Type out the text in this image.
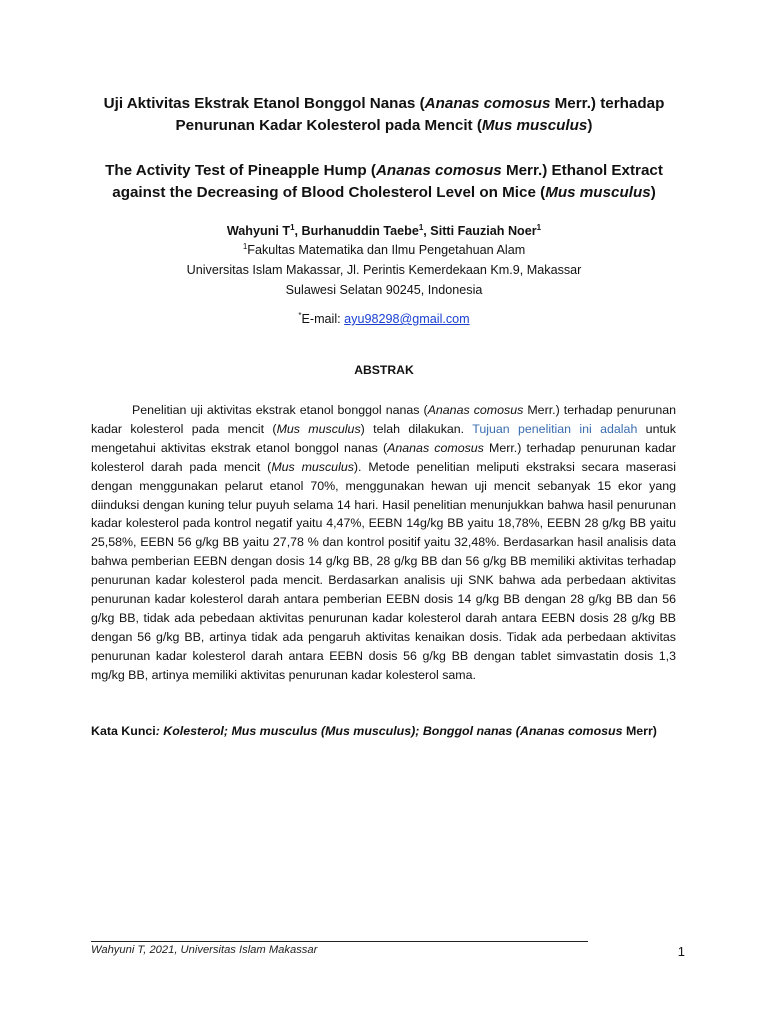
Uji Aktivitas Ekstrak Etanol Bonggol Nanas (Ananas comosus Merr.) terhadap
Penurunan Kadar Kolesterol pada Mencit (Mus musculus)
The Activity Test of Pineapple Hump (Ananas comosus Merr.) Ethanol Extract
against the Decreasing of Blood Cholesterol Level on Mice (Mus musculus)
Wahyuni $T^1$, Burhanuddin Taebe$^1$, Sitti Fauziah Noer$^1$
$^1$Fakultas Matematika dan Ilmu Pengetahuan Alam
Universitas Islam Makassar, Jl. Perintis Kemerdekaan Km.9, Makassar
Sulawesi Selatan 90245, Indonesia
*E-mail: ayu98298@gmail.com
ABSTRAK

Penelitian uji aktivitas ekstrak etanol bonggol nanas (Ananas comosus Merr.) terhadap penurunan kadar kolesterol pada mencit (Mus musculus) telah dilakukan. Tujuan penelitian ini adalah untuk mengetahui aktivitas ekstrak etanol bonggol nanas (Ananas comosus Merr.) terhadap penurunan kadar kolesterol darah pada mencit (Mus musculus). Metode penelitian meliputi ekstraksi secara maserasi dengan menggunakan pelarut etanol 70%, menggunakan hewan uji mencit sebanyak 15 ekor yang diinduksi dengan kuning telur puyuh selama 14 hari. Hasil penelitian menunjukkan bahwa hasil penurunan kadar kolesterol pada kontrol negatif yaitu 4,47%, EEBN 14g/kg BB yaitu 18,78%, EEBN 28 g/kg BB yaitu 25,58%, EEBN 56 g/kg BB yaitu 27,78 % dan kontrol positif yaitu 32,48%. Berdasarkan hasil analisis data bahwa pemberian EEBN dengan dosis 14 g/kg BB, 28 g/kg BB dan 56 g/kg BB memiliki aktivitas terhadap penurunan kadar kolesterol pada mencit. Berdasarkan analisis uji SNK bahwa ada perbedaan aktivitas penurunan kadar kolesterol darah antara pemberian EEBN dosis 14 g/kg BB dengan 28 g/kg BB dan 56 g/kg BB, tidak ada pebedaan aktivitas penurunan kadar kolesterol darah antara EEBN dosis 28 g/kg BB dengan 56 g/kg BB, artinya tidak ada pengaruh aktivitas kenaikan dosis. Tidak ada perbedaan aktivitas penurunan kadar kolesterol darah antara EEBN dosis 56 g/kg BB dengan tablet simvastatin dosis 1,3 mg/kg BB, artinya memiliki aktivitas penurunan kadar kolesterol sama.

Kata Kunci: Kolesterol; Mus musculus (Mus musculus); Bonggol nanas (Ananas comosus Merr)
Wahyuni T, 2021, Universitas Islam Makassar	1
